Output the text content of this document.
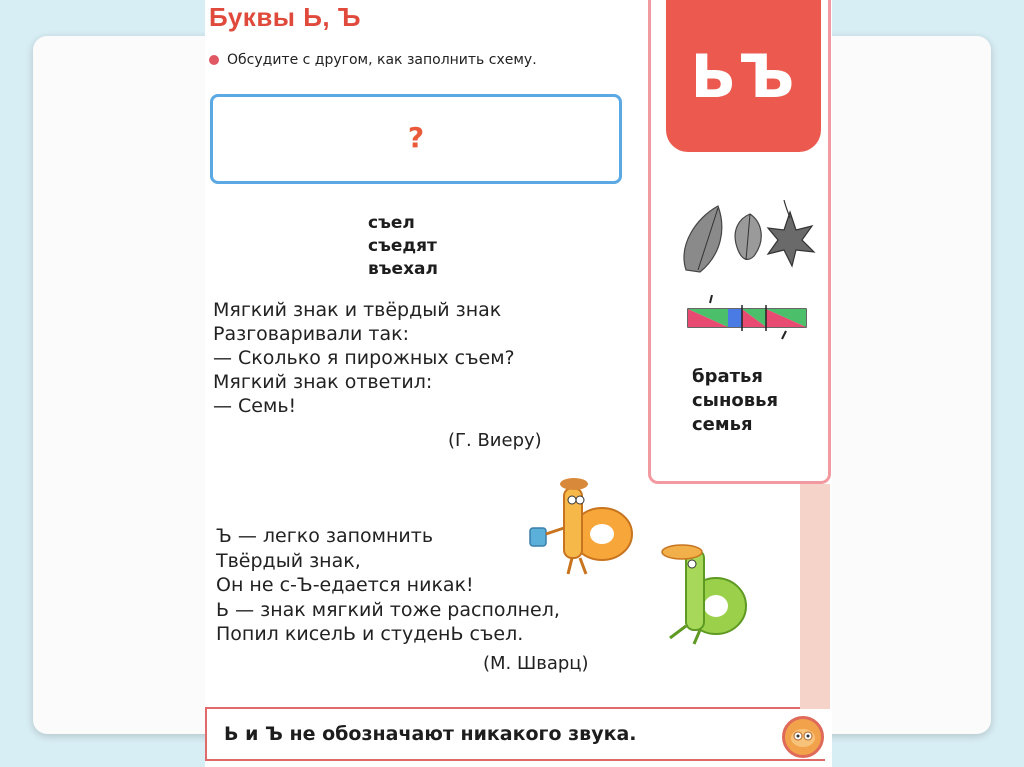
Буквы Ь, Ъ
Обсудите с другом, как заполнить схему.
?
съел
съедят
въехал
Мягкий знак и твёрдый знак
Разговаривали так:
— Сколько я пирожных съем?
Мягкий знак ответил:
— Семь!
(Г. Виеру)
Ъ — легко запомнить
Твёрдый знак,
Он не с-Ъ-едается никак!
Ь — знак мягкий тоже располнел,
Попил киселЬ и студенЬ съел.
(М. Шварц)
Ь и Ъ не обозначают никакого звука.
ЬЪ
братья
сыновья
семья
